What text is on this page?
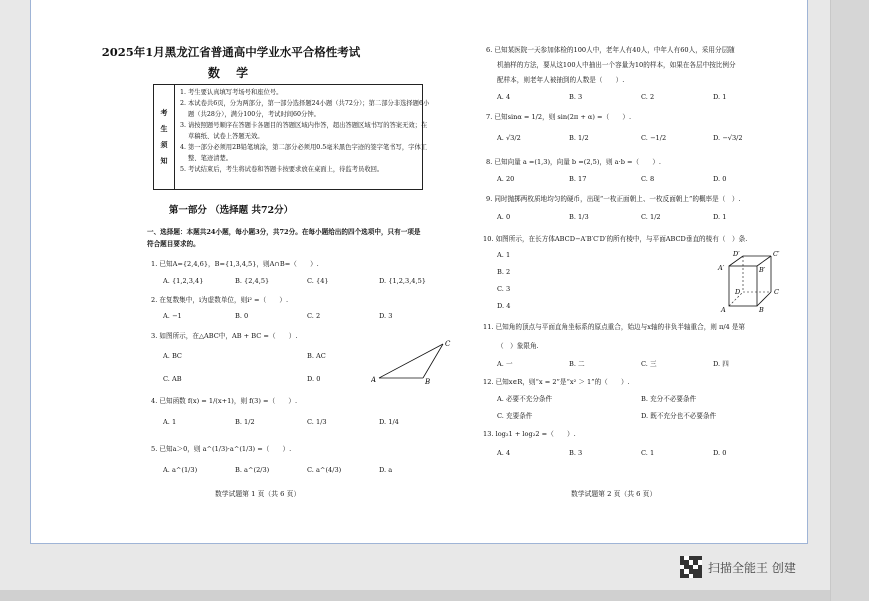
2025年1月黑龙江省普通高中学业水平合格性考试
数 学
考
生
须
知
1. 考生要认真填写考场号和座位号。
2. 本试卷共6页，分为两部分，第一部分选择题24小题（共72分）；第二部分非选择题6小题（共28分），满分100分，考试时间60分钟。
3. 请按照题号顺序在答题卡各题目的答题区域内作答，超出答题区域书写的答案无效；在草稿纸、试卷上答题无效。
4. 第一部分必须用2B铅笔填涂，第二部分必须用0.5毫米黑色字迹的签字笔书写，字体工整、笔迹清楚。
5. 考试结束后，考生将试卷和答题卡按要求放在桌面上，待监考员收回。
第一部分 （选择题 共72分）
一、选择题：本题共24小题，每小题3分，共72分。在每小题给出的四个选项中，只有一项是符合题目要求的。
1. 已知A={2,4,6}，B={1,3,4,5}，则A∩B=（　　）.
A. {1,2,3,4}	B. {2,4,5}	C. {4}	D. {1,2,3,4,5}
2. 在复数集中，i为虚数单位，则i² =（　　）.
A. −1	B. 0	C. 2	D. 3
3. 如图所示，在△ABC中，AB + BC =（　　）.
A. BC	B. AC
C. AB	D. 0	A	B
C
4. 已知函数 f(x) = 1/(x+1)，则 f(3) =（　　）.
A. 1	B. 1/2	C. 1/3	D. 1/4
5. 已知a＞0，则 a^(1/3)·a^(1/3) =（　　）.
A. a^(1/3)	B. a^(2/3)	C. a^(4/3)	D. a
数学试题第 1 页（共 6 页）
6. 已知某医院一天参加体检的100人中，老年人有40人，中年人有60人，采用分层随
机抽样的方法，要从这100人中抽出一个容量为10的样本，如果在各层中按比例分
配样本，则老年人被抽到的人数是（　　）.
A. 4	B. 3	C. 2	D. 1
7. 已知sinα = 1/2，则 sin(2π + α) =（　　）.
A. √3/2	B. 1/2	C. −1/2	D. −√3/2
8. 已知向量 a =(1,3)，向量 b =(2,5)，则 a·b =（　　）.
A. 20	B. 17	C. 8	D. 0
9. 同时抛掷两枚质地均匀的硬币，出现“一枚正面朝上、一枚反面朝上”的概率是（　）.
A. 0	B. 1/3	C. 1/2	D. 1
10. 如图所示，在长方体ABCD−A′B′C′D′的所有棱中，与平面ABCD垂直的棱有（　）条.
A. 1
B. 2
C. 3
D. 4
D′	C′
A′	B′
D	C
A	B
11. 已知角的顶点与平面直角坐标系的原点重合，始边与x轴的非负半轴重合，则 π/4 是第
（　）象限角.
A. 一	B. 二	C. 三	D. 四
12. 已知x∈R，则“x = 2”是“x² ＞ 1”的（　　）.
A. 必要不充分条件	B. 充分不必要条件
C. 充要条件	D. 既不充分也不必要条件
13. log₂1 + log₂2 =（　　）.
A. 4	B. 3	C. 1	D. 0
数学试题第 2 页（共 6 页）
扫描全能王 创建
